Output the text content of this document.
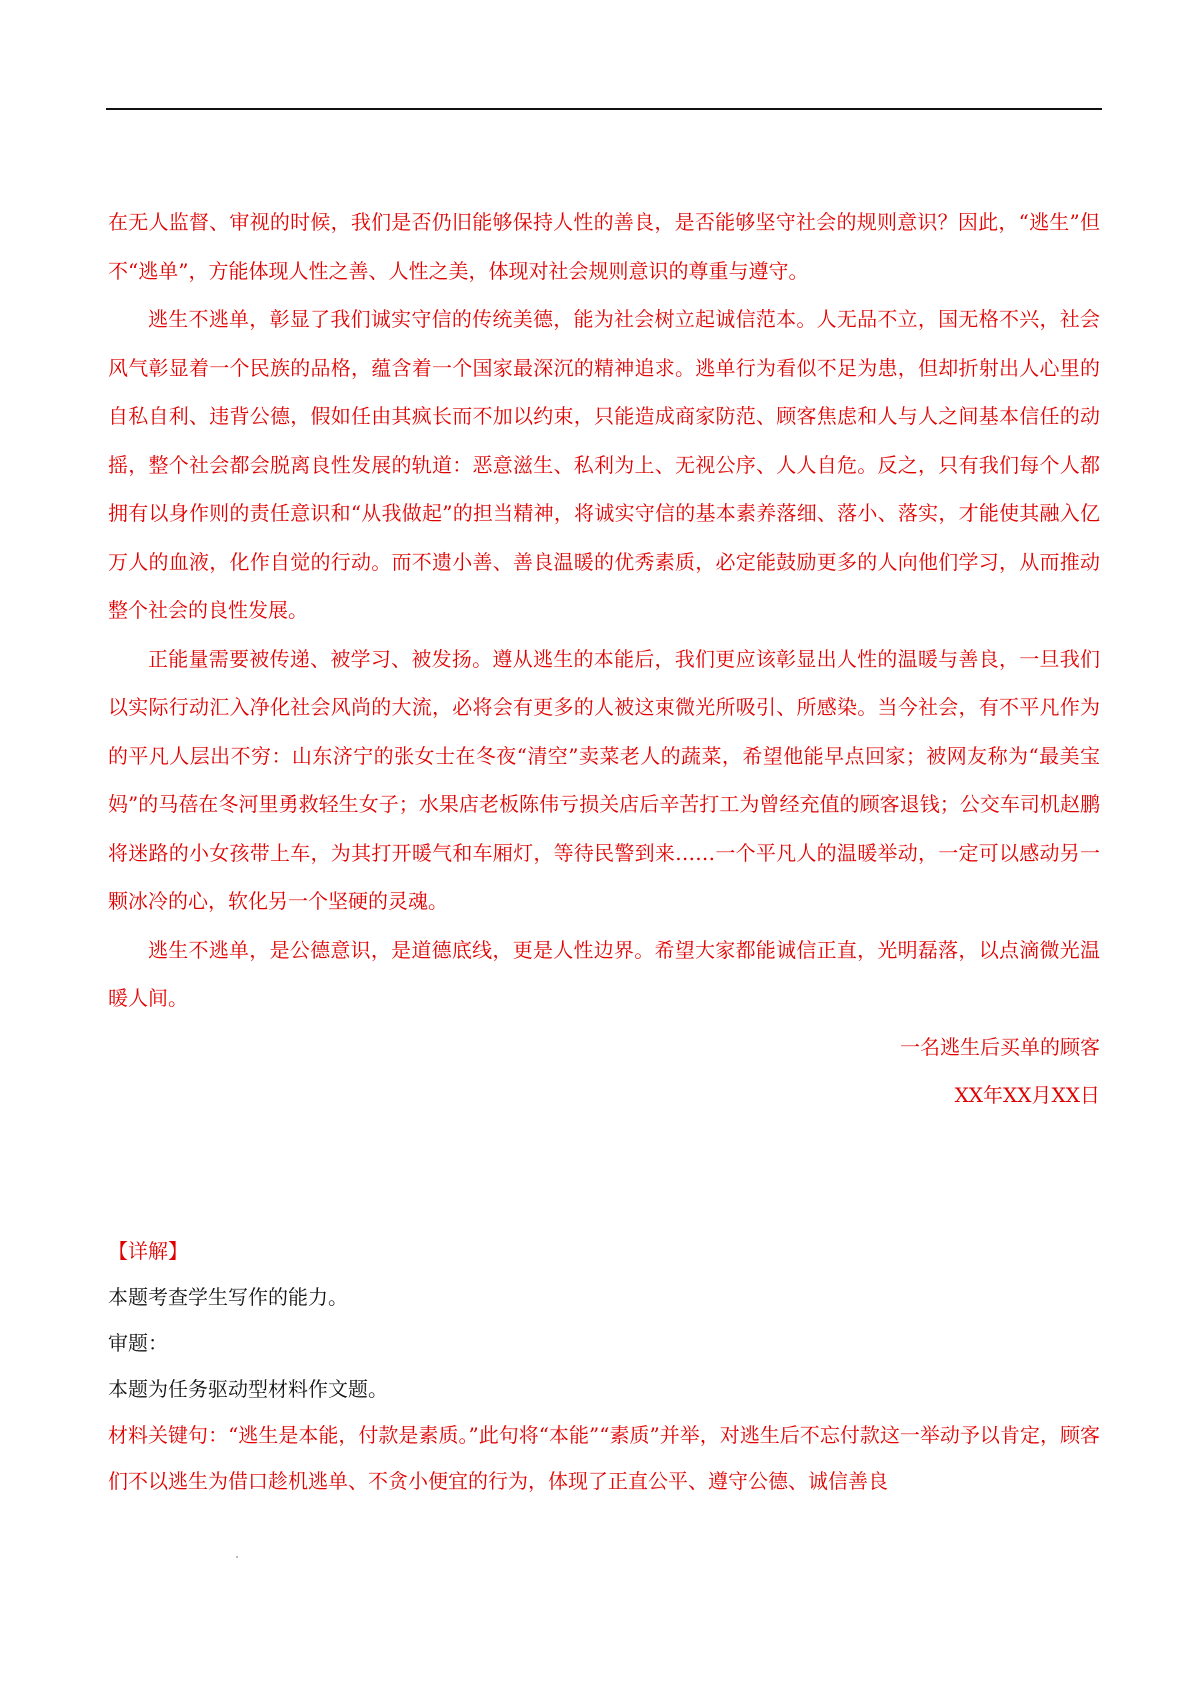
在无人监督、审视的时候，我们是否仍旧能够保持人性的善良，是否能够坚守社会的规则意识？因此，“逃生”但不“逃单”，方能体现人性之善、人性之美，体现对社会规则意识的尊重与遵守。

逃生不逃单，彰显了我们诚实守信的传统美德，能为社会树立起诚信范本。人无品不立，国无格不兴，社会风气彰显着一个民族的品格，蕴含着一个国家最深沉的精神追求。逃单行为看似不足为患，但却折射出人心里的自私自利、违背公德，假如任由其疯长而不加以约束，只能造成商家防范、顾客焦虑和人与人之间基本信任的动摇，整个社会都会脱离良性发展的轨道：恶意滋生、私利为上、无视公序、人人自危。反之，只有我们每个人都拥有以身作则的责任意识和“从我做起”的担当精神，将诚实守信的基本素养落细、落小、落实，才能使其融入亿万人的血液，化作自觉的行动。而不遗小善、善良温暖的优秀素质，必定能鼓励更多的人向他们学习，从而推动整个社会的良性发展。

正能量需要被传递、被学习、被发扬。遵从逃生的本能后，我们更应该彰显出人性的温暖与善良，一旦我们以实际行动汇入净化社会风尚的大流，必将会有更多的人被这束微光所吸引、所感染。当今社会，有不平凡作为的平凡人层出不穷：山东济宁的张女士在冬夜“清空”卖菜老人的蔬菜，希望他能早点回家；被网友称为“最美宝妈”的马蓓在冬河里勇救轻生女子；水果店老板陈伟亏损关店后辛苦打工为曾经充值的顾客退钱；公交车司机赵鹏将迷路的小女孩带上车，为其打开暖气和车厢灯，等待民警到来……一个平凡人的温暖举动，一定可以感动另一颗冰冷的心，软化另一个坚硬的灵魂。

逃生不逃单，是公德意识，是道德底线，更是人性边界。希望大家都能诚信正直，光明磊落，以点滴微光温暖人间。

一名逃生后买单的顾客

XX年XX月XX日

【详解】

本题考查学生写作的能力。

审题：

本题为任务驱动型材料作文题。

材料关键句：“逃生是本能，付款是素质。”此句将“本能”“素质”并举，对逃生后不忘付款这一举动予以肯定，顾客们不以逃生为借口趁机逃单、不贪小便宜的行为，体现了正直公平、遵守公德、诚信善良
